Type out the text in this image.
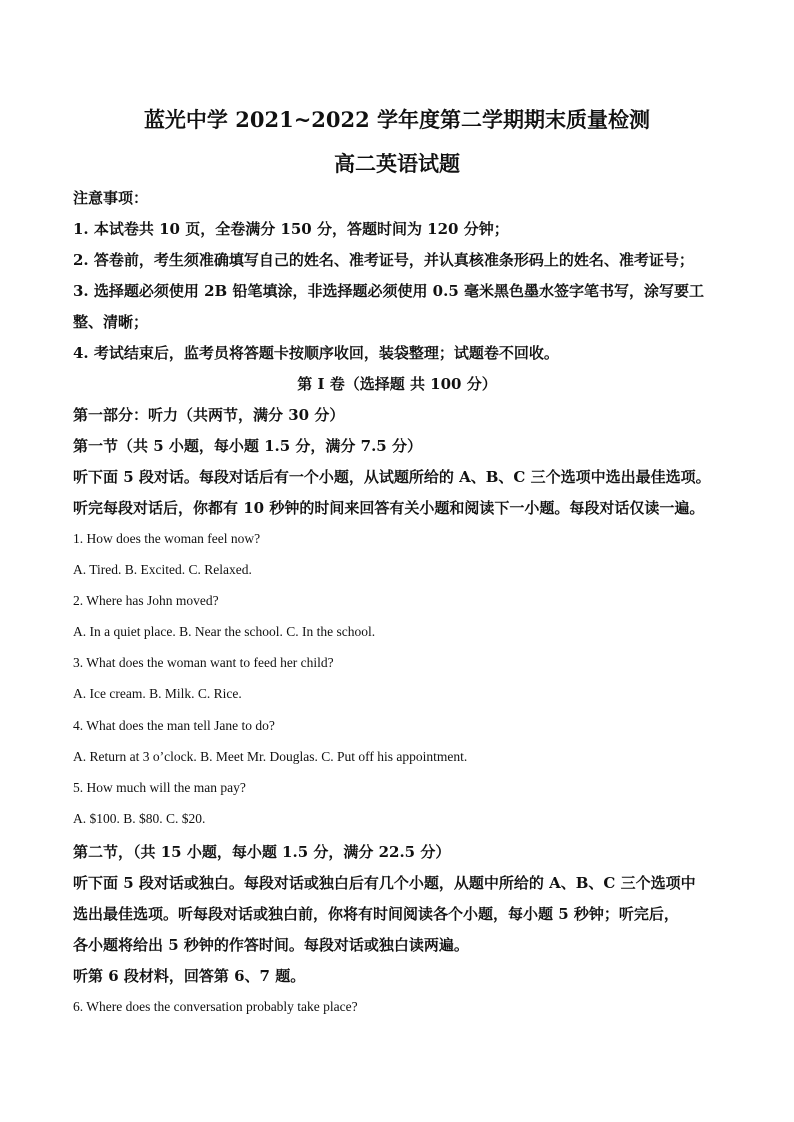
蓝光中学 2021~2022 学年度第二学期期末质量检测
高二英语试题
注意事项：
1. 本试卷共 10 页，全卷满分 150 分，答题时间为 120 分钟；
2. 答卷前，考生须准确填写自己的姓名、准考证号，并认真核准条形码上的姓名、准考证号；
3. 选择题必须使用 2B 铅笔填涂，非选择题必须使用 0.5 毫米黑色墨水签字笔书写，涂写要工
整、清晰；
4. 考试结束后，监考员将答题卡按顺序收回，装袋整理；试题卷不回收。
第 I 卷（选择题 共 100 分）
第一部分：听力（共两节，满分 30 分）
第一节（共 5 小题，每小题 1.5 分，满分 7.5 分）
听下面 5 段对话。每段对话后有一个小题，从试题所给的 A、B、C 三个选项中选出最佳选项。
听完每段对话后，你都有 10 秒钟的时间来回答有关小题和阅读下一小题。每段对话仅读一遍。
1. How does the woman feel now?
A. Tired. B. Excited. C. Relaxed.
2. Where has John moved?
A. In a quiet place. B. Near the school. C. In the school.
3. What does the woman want to feed her child?
A. Ice cream. B. Milk. C. Rice.
4. What does the man tell Jane to do?
A. Return at 3 o’clock. B. Meet Mr. Douglas. C. Put off his appointment.
5. How much will the man pay?
A. $100. B. $80. C. $20.
第二节，（共 15 小题，每小题 1.5 分，满分 22.5 分）
听下面 5 段对话或独白。每段对话或独白后有几个小题，从题中所给的 A、B、C 三个选项中
选出最佳选项。听每段对话或独白前，你将有时间阅读各个小题，每小题 5 秒钟；听完后，
各小题将给出 5 秒钟的作答时间。每段对话或独白读两遍。
听第 6 段材料，回答第 6、7 题。
6. Where does the conversation probably take place?
